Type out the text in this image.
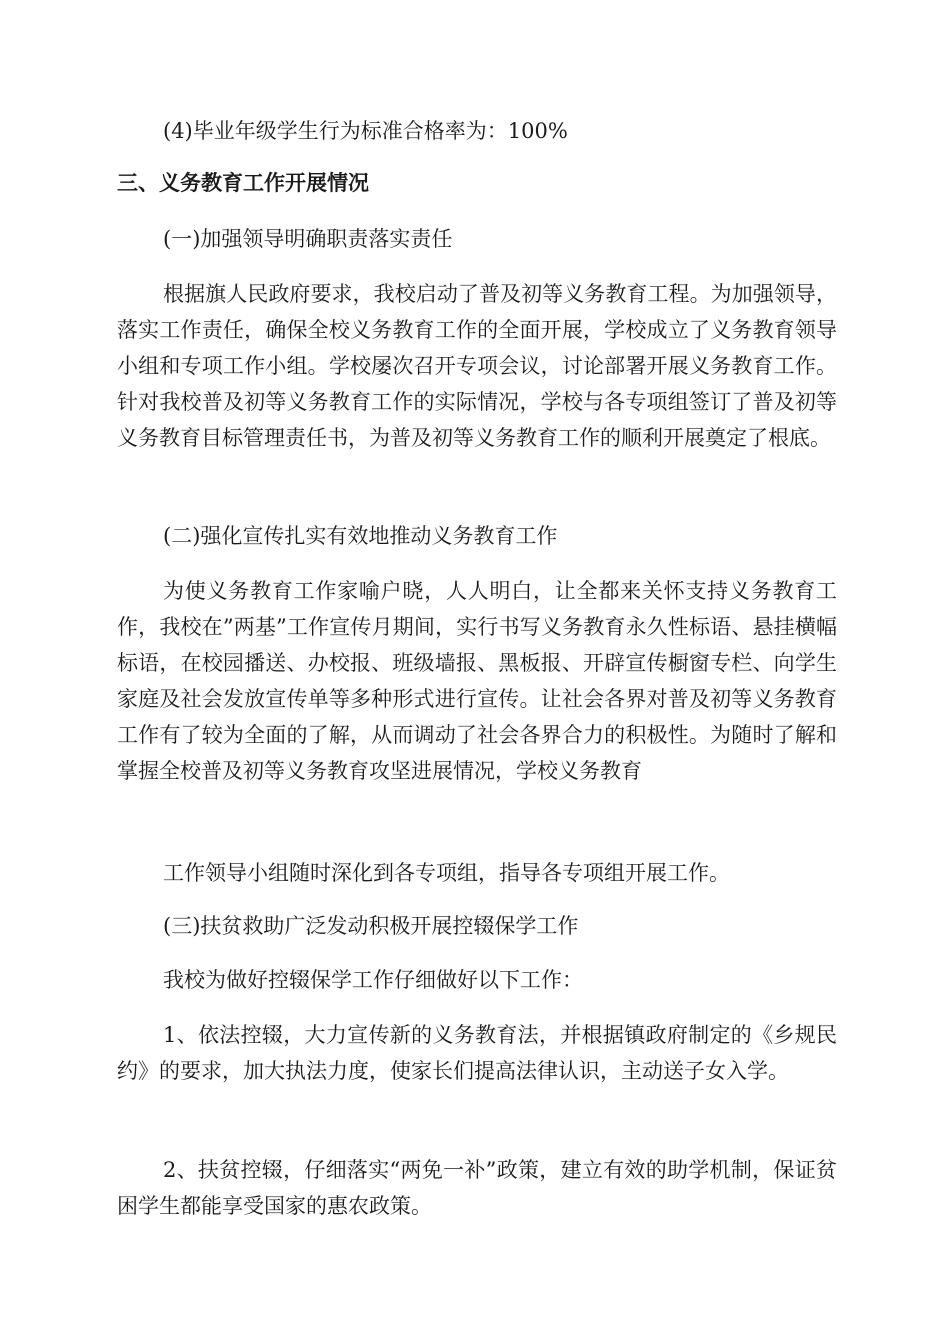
(4)毕业年级学生行为标准合格率为：100%
三、义务教育工作开展情况
(一)加强领导明确职责落实责任
根据旗人民政府要求，我校启动了普及初等义务教育工程。为加强领导，落实工作责任，确保全校义务教育工作的全面开展，学校成立了义务教育领导小组和专项工作小组。学校屡次召开专项会议，讨论部署开展义务教育工作。针对我校普及初等义务教育工作的实际情况，学校与各专项组签订了普及初等义务教育目标管理责任书，为普及初等义务教育工作的顺利开展奠定了根底。
(二)强化宣传扎实有效地推动义务教育工作
为使义务教育工作家喻户晓，人人明白，让全都来关怀支持义务教育工作，我校在”两基”工作宣传月期间，实行书写义务教育永久性标语、悬挂横幅标语，在校园播送、办校报、班级墙报、黑板报、开辟宣传橱窗专栏、向学生家庭及社会发放宣传单等多种形式进行宣传。让社会各界对普及初等义务教育工作有了较为全面的了解，从而调动了社会各界合力的积极性。为随时了解和掌握全校普及初等义务教育攻坚进展情况，学校义务教育
工作领导小组随时深化到各专项组，指导各专项组开展工作。
(三)扶贫救助广泛发动积极开展控辍保学工作
我校为做好控辍保学工作仔细做好以下工作：
1、依法控辍，大力宣传新的义务教育法，并根据镇政府制定的《乡规民约》的要求，加大执法力度，使家长们提高法律认识，主动送子女入学。
2、扶贫控辍，仔细落实“两免一补”政策，建立有效的助学机制，保证贫困学生都能享受国家的惠农政策。
